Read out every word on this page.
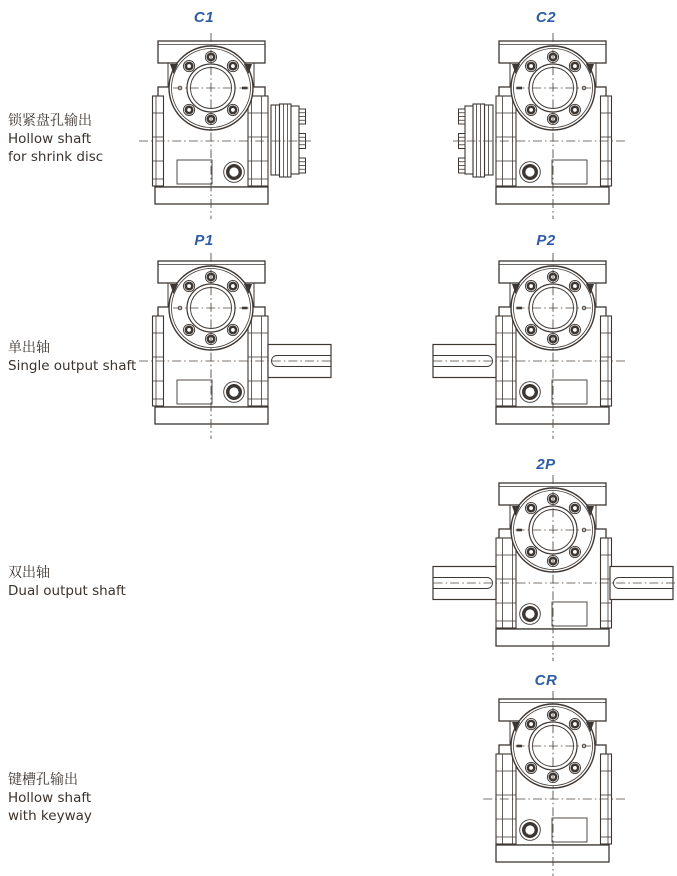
锁紧盘孔输出
Hollow shaft
for shrink disc
单出轴
Single output shaft
双出轴
Dual output shaft
键槽孔输出
Hollow shaft
with keyway
C1	C2
P1	P2
2P
CR
